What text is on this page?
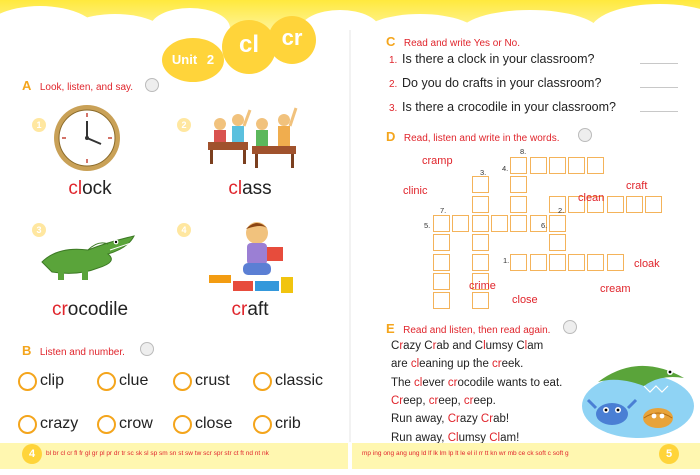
Unit 2
cl	cr
A Look, listen, and say.
1	2
3	4
clock	class
crocodile	craft
B Listen and number.
clip	clue	crust	classic
crazy	crow	close	crib
C Read and write Yes or No.
1. Is there a clock in your classroom?
2. Do you do crafts in your classroom?
3. Is there a crocodile in your classroom?
D Read, listen and write in the words.
8.
3. 4.
7.	2.
5.	6.
1.
cramp
clinic
clean
craft
cloak
crime	cream
close
E Read and listen, then read again.
Crazy Crab and Clumsy Clam
are cleaning up the creek.
The clever crocodile wants to eat.
Creep, creep, creep.
Run away, Crazy Crab!
Run away, Clumsy Clam!
4	5
bl br cl cr fl fr gl gr pl pr dr tr sc sk sl sp sm sn st sw tw scr spr str ct ft nd nt nk	mp ing ong ang ung ld lf lk lm lp lt le el il rr tt kn wr mb ce ck soft c soft g
